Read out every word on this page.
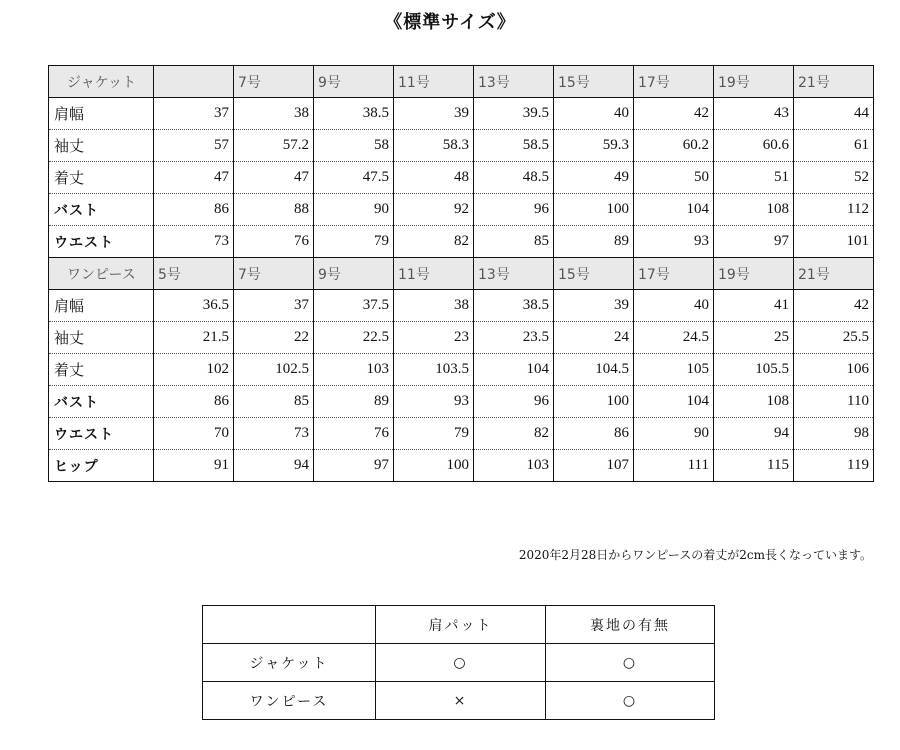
《標準サイズ》
ジャケット		7号	9号	11号	13号	15号	17号	19号	21号
肩幅	37	38	38.5	39	39.5	40	42	43	44
袖丈	57	57.2	58	58.3	58.5	59.3	60.2	60.6	61
着丈	47	47	47.5	48	48.5	49	50	51	52
バスト	86	88	90	92	96	100	104	108	112
ウエスト	73	76	79	82	85	89	93	97	101
ワンピース	5号	7号	9号	11号	13号	15号	17号	19号	21号
肩幅	36.5	37	37.5	38	38.5	39	40	41	42
袖丈	21.5	22	22.5	23	23.5	24	24.5	25	25.5
着丈	102	102.5	103	103.5	104	104.5	105	105.5	106
バスト	86	85	89	93	96	100	104	108	110
ウエスト	70	73	76	79	82	86	90	94	98
ヒップ	91	94	97	100	103	107	111	115	119
2020年2月28日からワンピースの着丈が2cm長くなっています。
	肩パット	裏地の有無
ジャケット	○	○
ワンピース	×	○
